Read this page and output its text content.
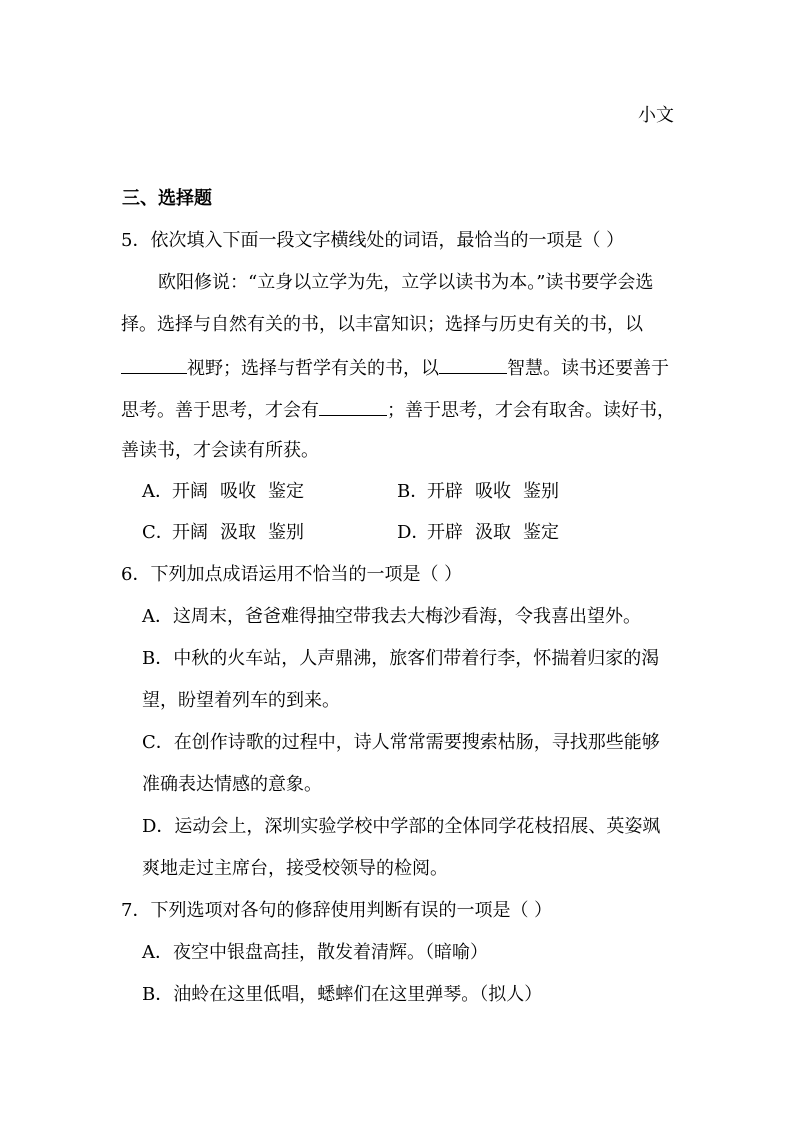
小文
三、选择题
5．依次填入下面一段文字横线处的词语，最恰当的一项是（ ）
欧阳修说：“立身以立学为先，立学以读书为本。”读书要学会选
择。选择与自然有关的书，以丰富知识；选择与历史有关的书，以
视野；选择与哲学有关的书，以	智慧。读书还要善于
思考。善于思考，才会有	；善于思考，才会有取舍。读好书，
善读书，才会读有所获。
A．开阔 吸收 鉴定	B．开辟 吸收 鉴别
C．开阔 汲取 鉴别	D．开辟 汲取 鉴定
6．下列加点成语运用不恰当的一项是（ ）
A．这周末，爸爸难得抽空带我去大梅沙看海，令我喜出望外。
B．中秋的火车站，人声鼎沸，旅客们带着行李，怀揣着归家的渴
望，盼望着列车的到来。
C．在创作诗歌的过程中，诗人常常需要搜索枯肠，寻找那些能够
准确表达情感的意象。
D．运动会上，深圳实验学校中学部的全体同学花枝招展、英姿飒
爽地走过主席台，接受校领导的检阅。
7．下列选项对各句的修辞使用判断有误的一项是（ ）
A．夜空中银盘高挂，散发着清辉。（暗喻）
B．油蛉在这里低唱，蟋蟀们在这里弹琴。（拟人）
